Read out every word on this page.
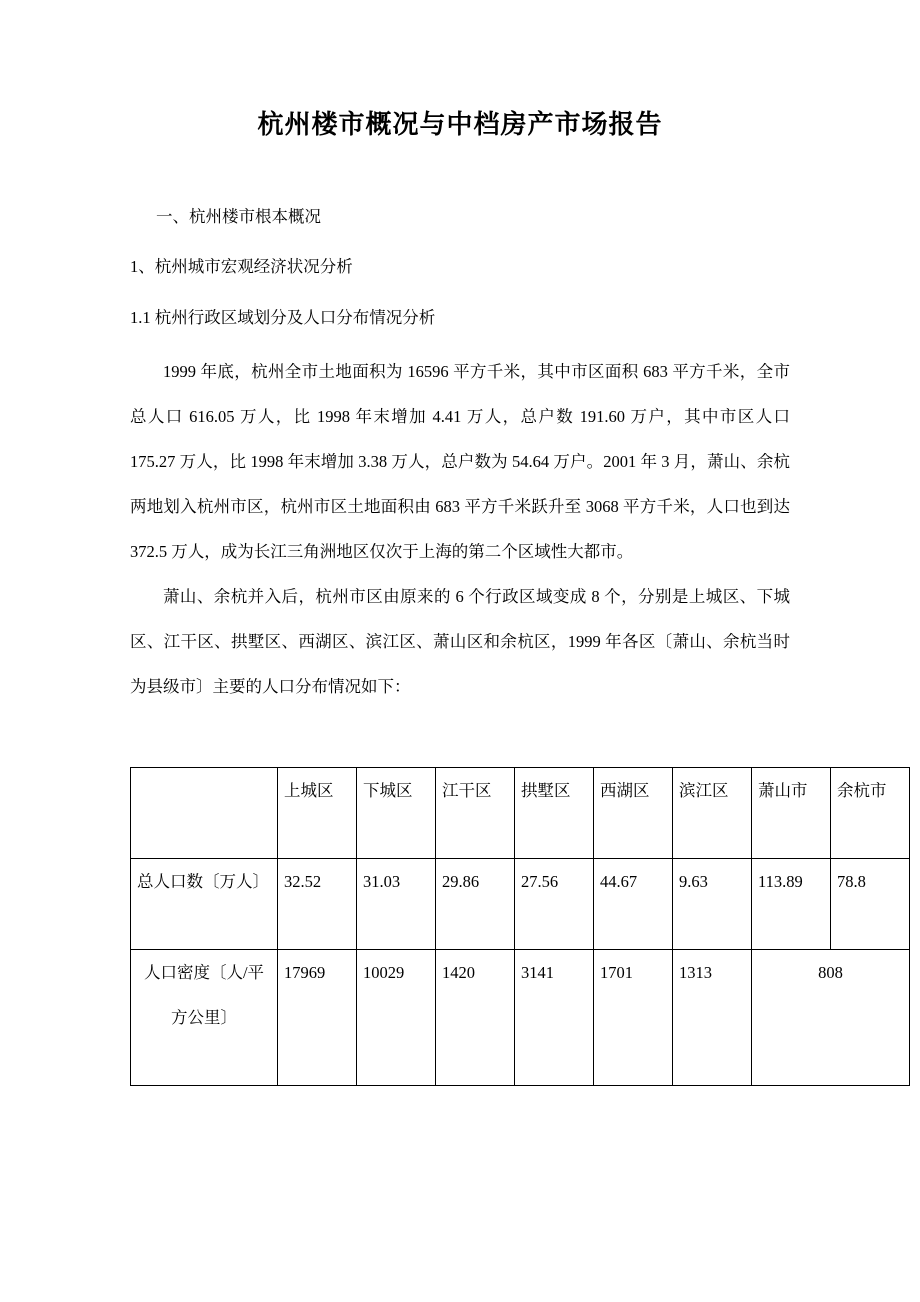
杭州楼市概况与中档房产市场报告

一、杭州楼市根本概况

1、杭州城市宏观经济状况分析

1.1 杭州行政区域划分及人口分布情况分析

1999 年底，杭州全市土地面积为 16596 平方千米，其中市区面积 683 平方千米，全市总人口 616.05 万人，比 1998 年末增加 4.41 万人，总户数 191.60 万户，其中市区人口 175.27 万人，比 1998 年末增加 3.38 万人，总户数为 54.64 万户。2001 年 3 月，萧山、余杭两地划入杭州市区，杭州市区土地面积由 683 平方千米跃升至 3068 平方千米，人口也到达 372.5 万人，成为长江三角洲地区仅次于上海的第二个区域性大都市。

萧山、余杭并入后，杭州市区由原来的 6 个行政区域变成 8 个，分别是上城区、下城区、江干区、拱墅区、西湖区、滨江区、萧山区和余杭区，1999 年各区〔萧山、余杭当时为县级市〕主要的人口分布情况如下：

	上城区	下城区	江干区	拱墅区	西湖区	滨江区	萧山市	余杭市
总人口数〔万人〕	32.52	31.03	29.86	27.56	44.67	9.63	113.89	78.8
人口密度〔人/平方公里〕	17969	10029	1420	3141	1701	1313	808	
